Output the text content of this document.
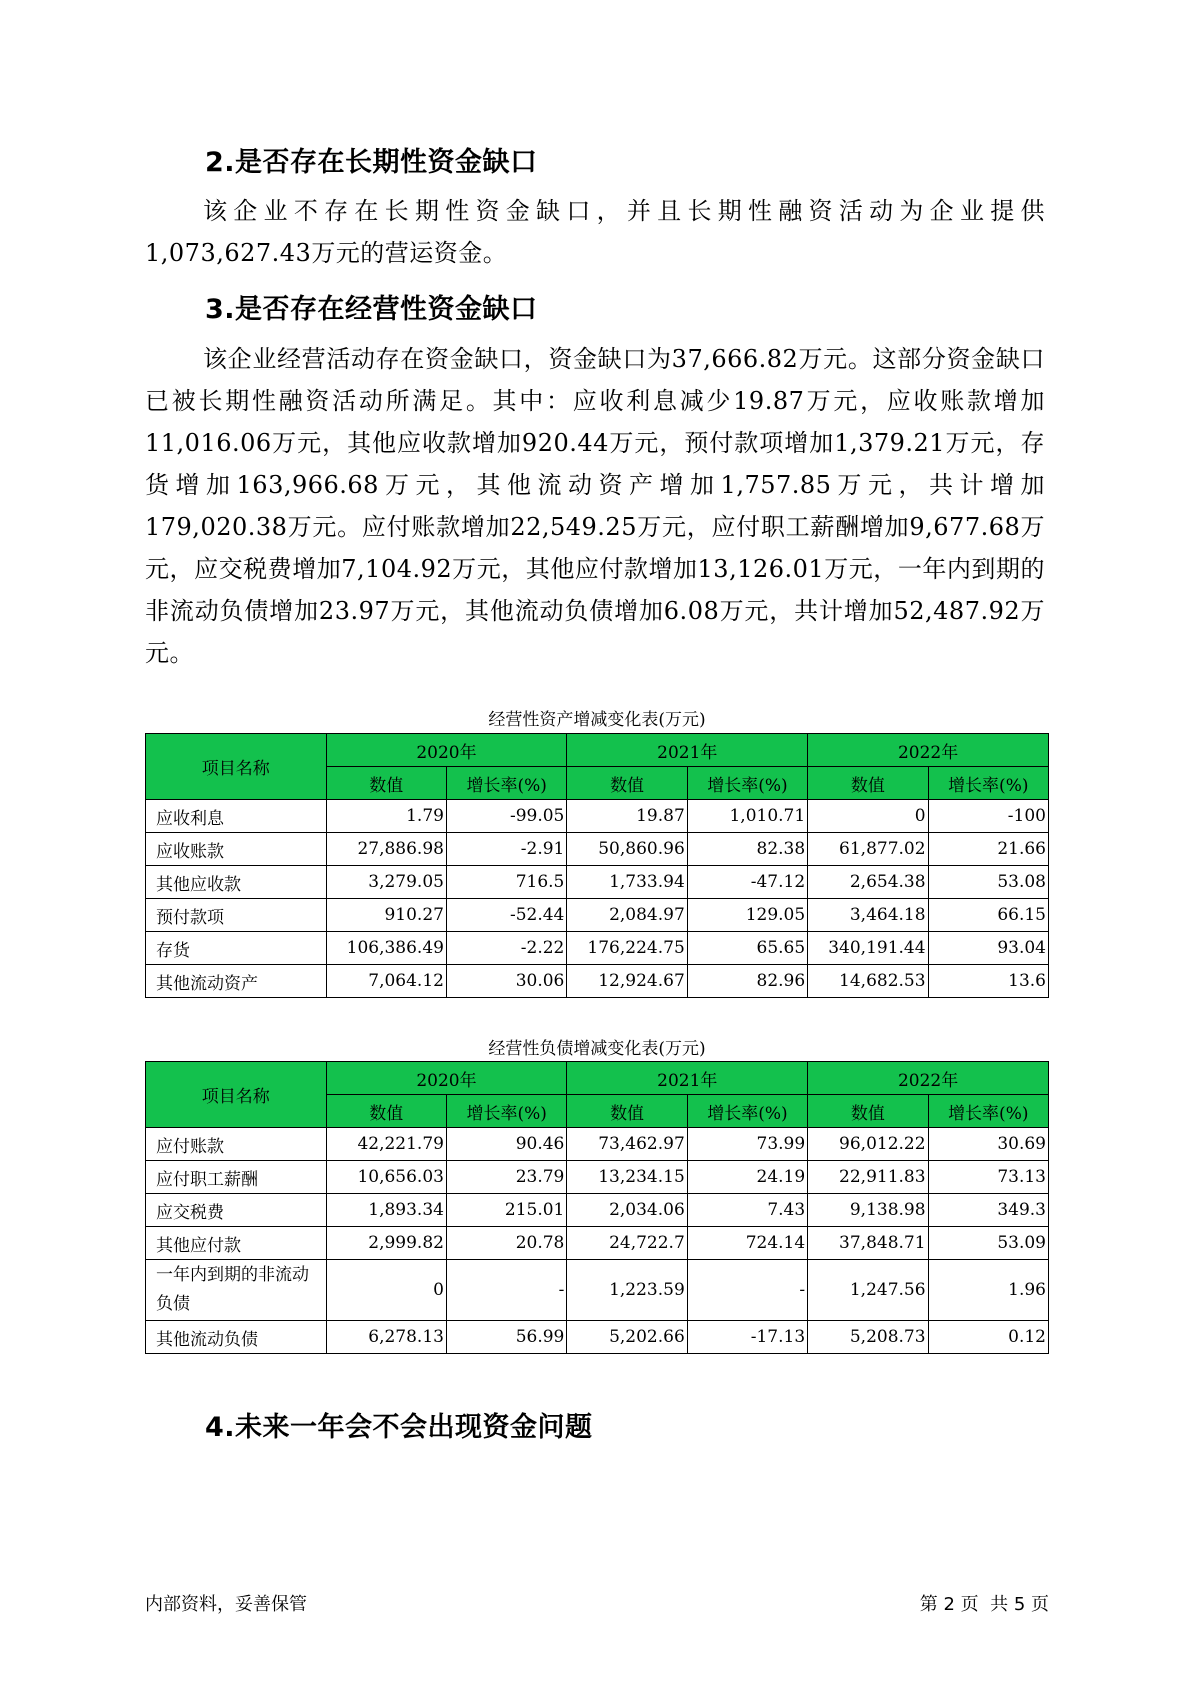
2.是否存在长期性资金缺口

该企业不存在长期性资金缺口，并且长期性融资活动为企业提供1,073,627.43万元的营运资金。

3.是否存在经营性资金缺口

该企业经营活动存在资金缺口，资金缺口为37,666.82万元。这部分资金缺口已被长期性融资活动所满足。其中：应收利息减少19.87万元，应收账款增加11,016.06万元，其他应收款增加920.44万元，预付款项增加1,379.21万元，存货增加163,966.68万元，其他流动资产增加1,757.85万元，共计增加179,020.38万元。应付账款增加22,549.25万元，应付职工薪酬增加9,677.68万元，应交税费增加7,104.92万元，其他应付款增加13,126.01万元，一年内到期的非流动负债增加23.97万元，其他流动负债增加6.08万元，共计增加52,487.92万元。

经营性资产增减变化表(万元)
项目名称	2020年		2021年		2022年	
	数值	增长率(%)	数值	增长率(%)	数值	增长率(%)
应收利息	1.79	-99.05	19.87	1,010.71	0	-100
应收账款	27,886.98	-2.91	50,860.96	82.38	61,877.02	21.66
其他应收款	3,279.05	716.5	1,733.94	-47.12	2,654.38	53.08
预付款项	910.27	-52.44	2,084.97	129.05	3,464.18	66.15
存货	106,386.49	-2.22	176,224.75	65.65	340,191.44	93.04
其他流动资产	7,064.12	30.06	12,924.67	82.96	14,682.53	13.6
经营性负债增减变化表(万元)
项目名称	2020年		2021年		2022年	
	数值	增长率(%)	数值	增长率(%)	数值	增长率(%)
应付账款	42,221.79	90.46	73,462.97	73.99	96,012.22	30.69
应付职工薪酬	10,656.03	23.79	13,234.15	24.19	22,911.83	73.13
应交税费	1,893.34	215.01	2,034.06	7.43	9,138.98	349.3
其他应付款	2,999.82	20.78	24,722.7	724.14	37,848.71	53.09
一年内到期的非流动负债	0	-	1,223.59	-	1,247.56	1.96
其他流动负债	6,278.13	56.99	5,202.66	-17.13	5,208.73	0.12
4.未来一年会不会出现资金问题
内部资料，妥善保管	第 2 页  共 5 页
